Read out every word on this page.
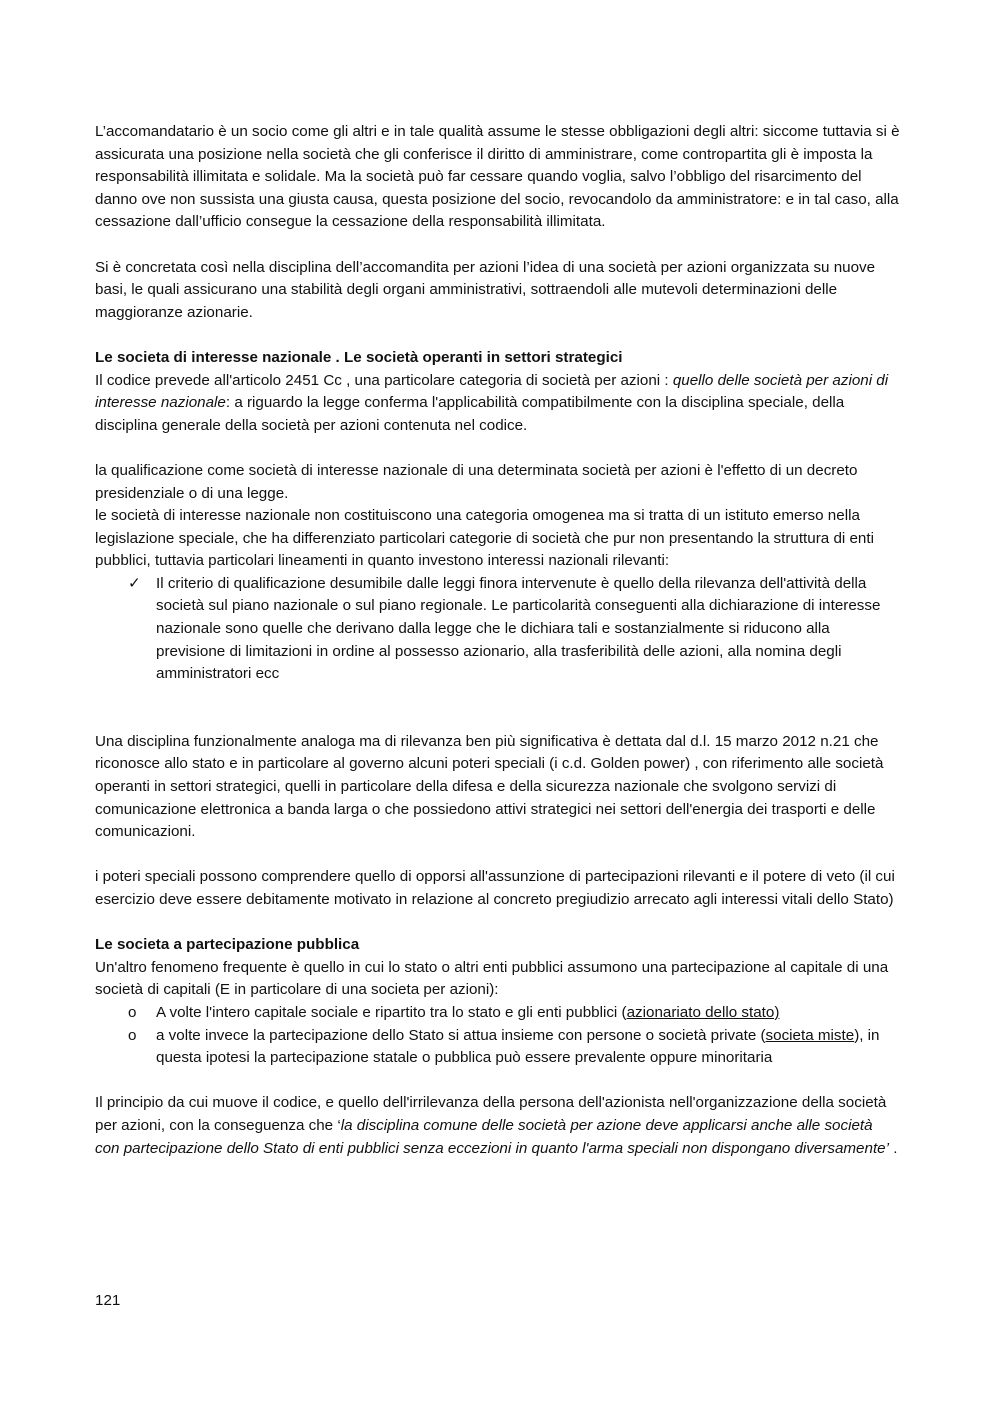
L’accomandatario è un socio come gli altri e in tale qualità assume le stesse obbligazioni degli altri: siccome tuttavia si è assicurata una posizione nella società che gli conferisce il diritto di amministrare, come contropartita gli è imposta la responsabilità illimitata e solidale. Ma la società può far cessare quando voglia, salvo l’obbligo del risarcimento del danno ove non sussista una giusta causa, questa posizione del socio, revocandolo da amministratore: e in tal caso, alla cessazione dall’ufficio consegue la cessazione della responsabilità illimitata.

Si è concretata così nella disciplina dell’accomandita per azioni l’idea di una società per azioni organizzata su nuove basi, le quali assicurano una stabilità degli organi amministrativi, sottraendoli alle mutevoli determinazioni delle maggioranze azionarie.

Le societa di interesse nazionale . Le società operanti in settori strategici

Il codice prevede all'articolo 2451 Cc , una particolare categoria di società per azioni : quello delle società per azioni di interesse nazionale: a riguardo la legge conferma l'applicabilità compatibilmente con la disciplina speciale, della disciplina generale della società per azioni contenuta nel codice.

la qualificazione come società di interesse nazionale di una determinata società per azioni è l'effetto di un decreto presidenziale o di una legge.

le società di interesse nazionale non costituiscono una categoria omogenea ma si tratta di un istituto emerso nella legislazione speciale, che ha differenziato particolari categorie di società che pur non presentando la struttura di enti pubblici, tuttavia particolari lineamenti in quanto investono interessi nazionali rilevanti:

✓ Il criterio di qualificazione desumibile dalle leggi finora intervenute è quello della rilevanza dell'attività della società sul piano nazionale o sul piano regionale. Le particolarità conseguenti alla dichiarazione di interesse nazionale sono quelle che derivano dalla legge che le dichiara tali e sostanzialmente si riducono alla previsione di limitazioni in ordine al possesso azionario, alla trasferibilità delle azioni, alla nomina degli amministratori ecc

Una disciplina funzionalmente analoga ma di rilevanza ben più significativa è dettata dal d.l. 15 marzo 2012 n.21 che riconosce allo stato e in particolare al governo alcuni poteri speciali (i c.d. Golden power) , con riferimento alle società operanti in settori strategici, quelli in particolare della difesa e della sicurezza nazionale che svolgono servizi di comunicazione elettronica a banda larga o che possiedono attivi strategici nei settori dell'energia dei trasporti e delle comunicazioni.

i poteri speciali possono comprendere quello di opporsi all'assunzione di partecipazioni rilevanti e il potere di veto (il cui esercizio deve essere debitamente motivato in relazione al concreto pregiudizio arrecato agli interessi vitali dello Stato)

Le societa a partecipazione pubblica

Un'altro fenomeno frequente è quello in cui lo stato o altri enti pubblici assumono una partecipazione al capitale di una società di capitali (E in particolare di una societa per azioni):

o A volte l'intero capitale sociale e ripartito tra lo stato e gli enti pubblici (azionariato dello stato)
o a volte invece la partecipazione dello Stato si attua insieme con persone o società private (societa miste), in questa ipotesi la partecipazione statale o pubblica può essere prevalente oppure minoritaria

Il principio da cui muove il codice, e quello dell'irrilevanza della persona dell'azionista nell'organizzazione della società per azioni, con la conseguenza che ‘la disciplina comune delle società per azione deve applicarsi anche alle società con partecipazione dello Stato di enti pubblici senza eccezioni in quanto l'arma speciali non dispongano diversamente’ .

121
